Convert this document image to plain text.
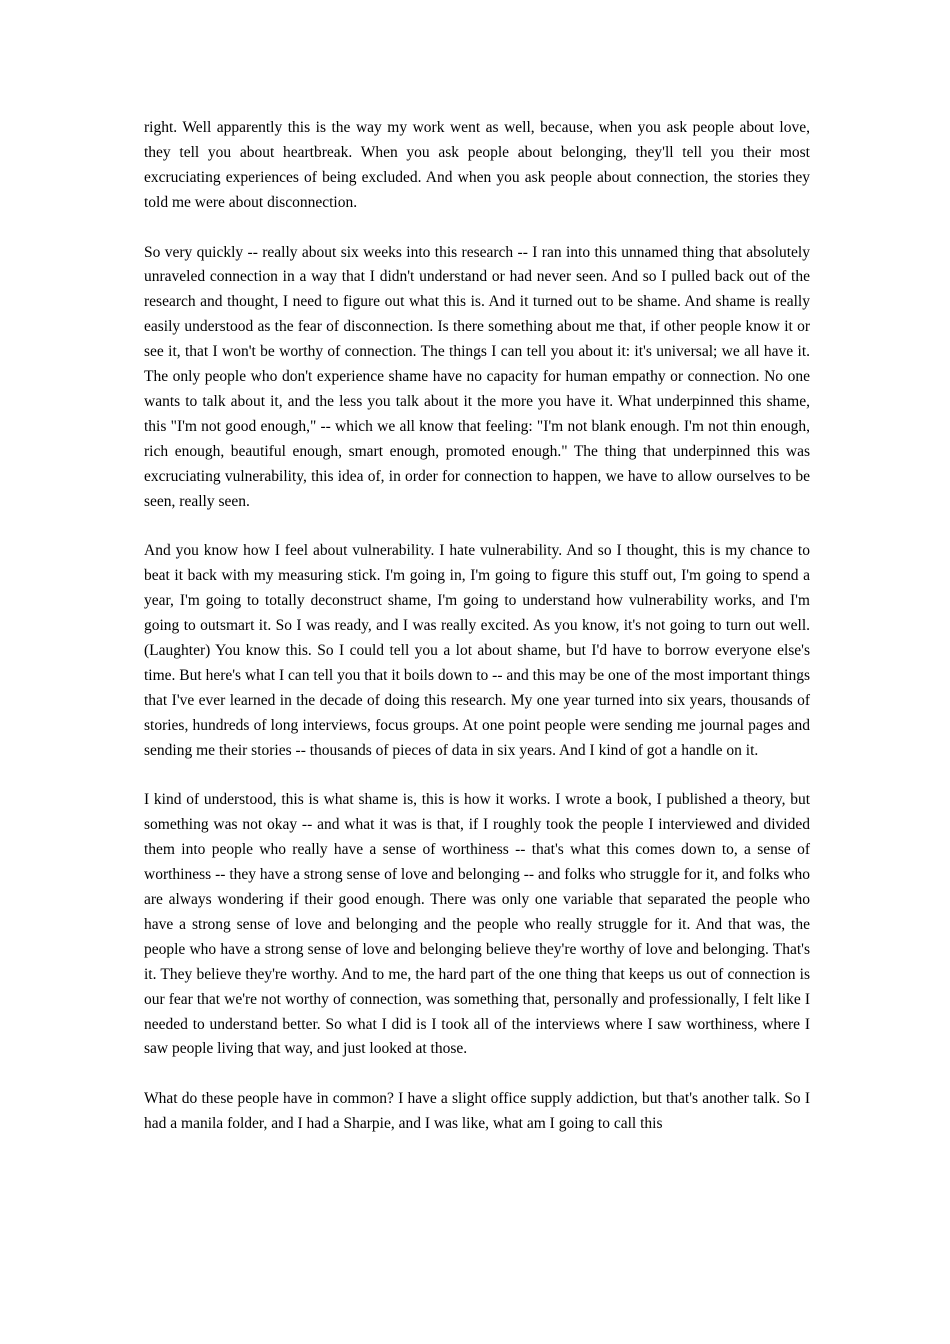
right. Well apparently this is the way my work went as well, because, when you ask people about love, they tell you about heartbreak. When you ask people about belonging, they'll tell you their most excruciating experiences of being excluded. And when you ask people about connection, the stories they told me were about disconnection.

So very quickly -- really about six weeks into this research -- I ran into this unnamed thing that absolutely unraveled connection in a way that I didn't understand or had never seen. And so I pulled back out of the research and thought, I need to figure out what this is. And it turned out to be shame. And shame is really easily understood as the fear of disconnection. Is there something about me that, if other people know it or see it, that I won't be worthy of connection. The things I can tell you about it: it's universal; we all have it. The only people who don't experience shame have no capacity for human empathy or connection. No one wants to talk about it, and the less you talk about it the more you have it. What underpinned this shame, this "I'm not good enough," -- which we all know that feeling: "I'm not blank enough. I'm not thin enough, rich enough, beautiful enough, smart enough, promoted enough." The thing that underpinned this was excruciating vulnerability, this idea of, in order for connection to happen, we have to allow ourselves to be seen, really seen.

And you know how I feel about vulnerability. I hate vulnerability. And so I thought, this is my chance to beat it back with my measuring stick. I'm going in, I'm going to figure this stuff out, I'm going to spend a year, I'm going to totally deconstruct shame, I'm going to understand how vulnerability works, and I'm going to outsmart it. So I was ready, and I was really excited. As you know, it's not going to turn out well. (Laughter) You know this. So I could tell you a lot about shame, but I'd have to borrow everyone else's time. But here's what I can tell you that it boils down to -- and this may be one of the most important things that I've ever learned in the decade of doing this research. My one year turned into six years, thousands of stories, hundreds of long interviews, focus groups. At one point people were sending me journal pages and sending me their stories -- thousands of pieces of data in six years. And I kind of got a handle on it.

I kind of understood, this is what shame is, this is how it works. I wrote a book, I published a theory, but something was not okay -- and what it was is that, if I roughly took the people I interviewed and divided them into people who really have a sense of worthiness -- that's what this comes down to, a sense of worthiness -- they have a strong sense of love and belonging -- and folks who struggle for it, and folks who are always wondering if their good enough. There was only one variable that separated the people who have a strong sense of love and belonging and the people who really struggle for it. And that was, the people who have a strong sense of love and belonging believe they're worthy of love and belonging. That's it. They believe they're worthy. And to me, the hard part of the one thing that keeps us out of connection is our fear that we're not worthy of connection, was something that, personally and professionally, I felt like I needed to understand better. So what I did is I took all of the interviews where I saw worthiness, where I saw people living that way, and just looked at those.

What do these people have in common? I have a slight office supply addiction, but that's another talk. So I had a manila folder, and I had a Sharpie, and I was like, what am I going to call this
